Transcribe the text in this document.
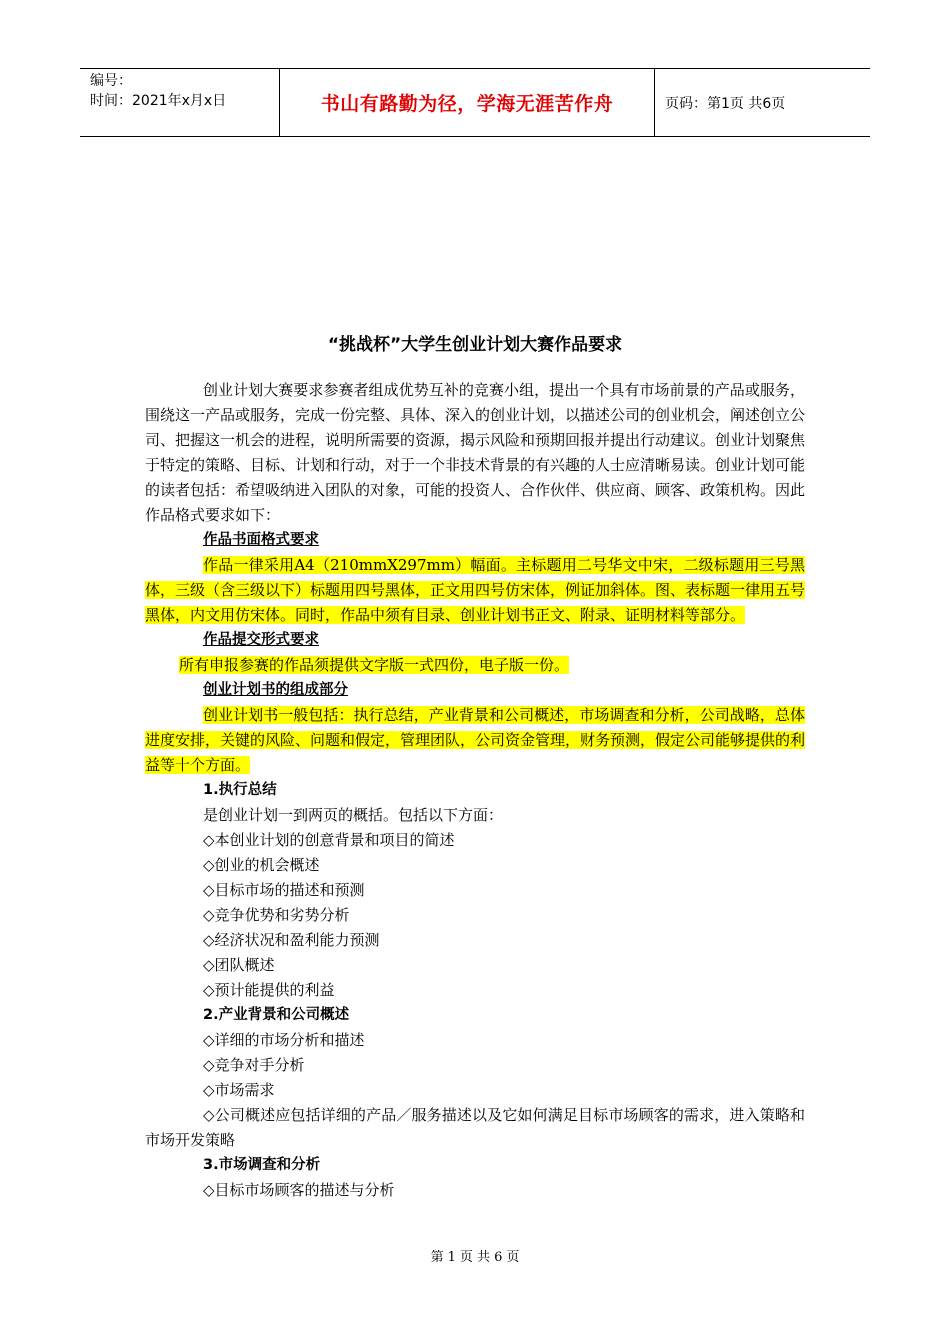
编号：
时间：2021年x月x日	书山有路勤为径，学海无涯苦作舟	页码：第1页 共6页
“挑战杯”大学生创业计划大赛作品要求

创业计划大赛要求参赛者组成优势互补的竞赛小组，提出一个具有市场前景的产品或服务，围绕这一产品或服务，完成一份完整、具体、深入的创业计划，以描述公司的创业机会，阐述创立公司、把握这一机会的进程，说明所需要的资源，揭示风险和预期回报并提出行动建议。创业计划聚焦于特定的策略、目标、计划和行动，对于一个非技术背景的有兴趣的人士应清晰易读。创业计划可能的读者包括：希望吸纳进入团队的对象，可能的投资人、合作伙伴、供应商、顾客、政策机构。因此作品格式要求如下：

作品书面格式要求

作品一律采用A4（210mmX297mm）幅面。主标题用二号华文中宋，二级标题用三号黑体，三级（含三级以下）标题用四号黑体，正文用四号仿宋体，例证加斜体。图、表标题一律用五号黑体，内文用仿宋体。同时，作品中须有目录、创业计划书正文、附录、证明材料等部分。

作品提交形式要求

所有申报参赛的作品须提供文字版一式四份，电子版一份。

创业计划书的组成部分

创业计划书一般包括：执行总结，产业背景和公司概述，市场调查和分析，公司战略，总体进度安排，关键的风险、问题和假定，管理团队，公司资金管理，财务预测，假定公司能够提供的利益等十个方面。

1.执行总结
是创业计划一到两页的概括。包括以下方面：
◇本创业计划的创意背景和项目的简述
◇创业的机会概述
◇目标市场的描述和预测
◇竞争优势和劣势分析
◇经济状况和盈利能力预测
◇团队概述
◇预计能提供的利益
2.产业背景和公司概述
◇详细的市场分析和描述
◇竞争对手分析
◇市场需求

◇公司概述应包括详细的产品／服务描述以及它如何满足目标市场顾客的需求，进入策略和市场开发策略

3.市场调查和分析
◇目标市场顾客的描述与分析
第 1 页 共 6 页
